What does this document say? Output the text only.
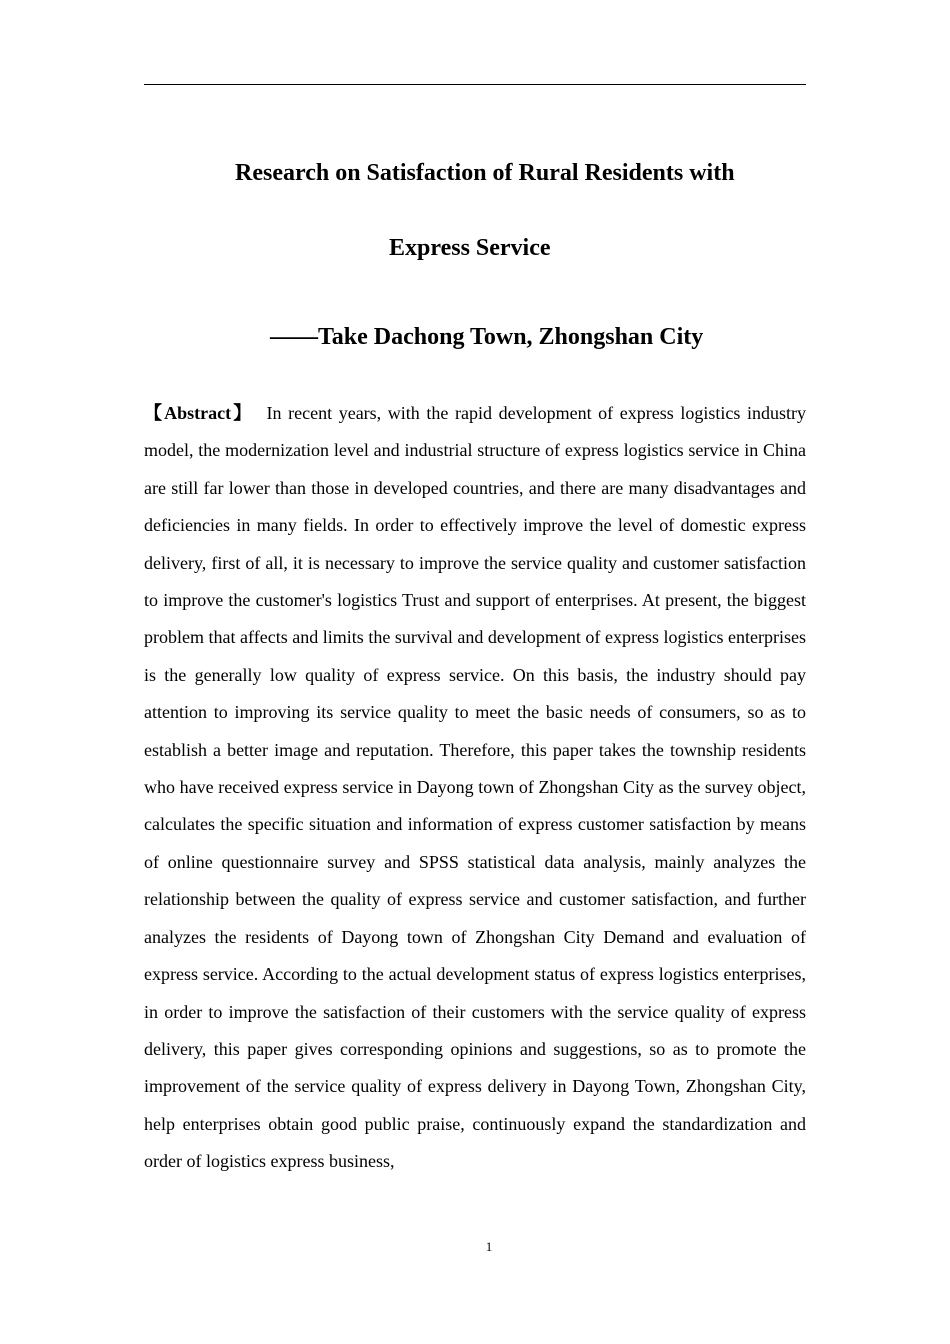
Research on Satisfaction of Rural Residents with
Express Service
——Take Dachong Town, Zhongshan City

【Abstract】 In recent years, with the rapid development of express logistics industry model, the modernization level and industrial structure of express logistics service in China are still far lower than those in developed countries, and there are many disadvantages and deficiencies in many fields. In order to effectively improve the level of domestic express delivery, first of all, it is necessary to improve the service quality and customer satisfaction to improve the customer's logistics Trust and support of enterprises. At present, the biggest problem that affects and limits the survival and development of express logistics enterprises is the generally low quality of express service. On this basis, the industry should pay attention to improving its service quality to meet the basic needs of consumers, so as to establish a better image and reputation. Therefore, this paper takes the township residents who have received express service in Dayong town of Zhongshan City as the survey object, calculates the specific situation and information of express customer satisfaction by means of online questionnaire survey and SPSS statistical data analysis, mainly analyzes the relationship between the quality of express service and customer satisfaction, and further analyzes the residents of Dayong town of Zhongshan City Demand and evaluation of express service. According to the actual development status of express logistics enterprises, in order to improve the satisfaction of their customers with the service quality of express delivery, this paper gives corresponding opinions and suggestions, so as to promote the improvement of the service quality of express delivery in Dayong Town, Zhongshan City, help enterprises obtain good public praise, continuously expand the standardization and order of logistics express business,

1
